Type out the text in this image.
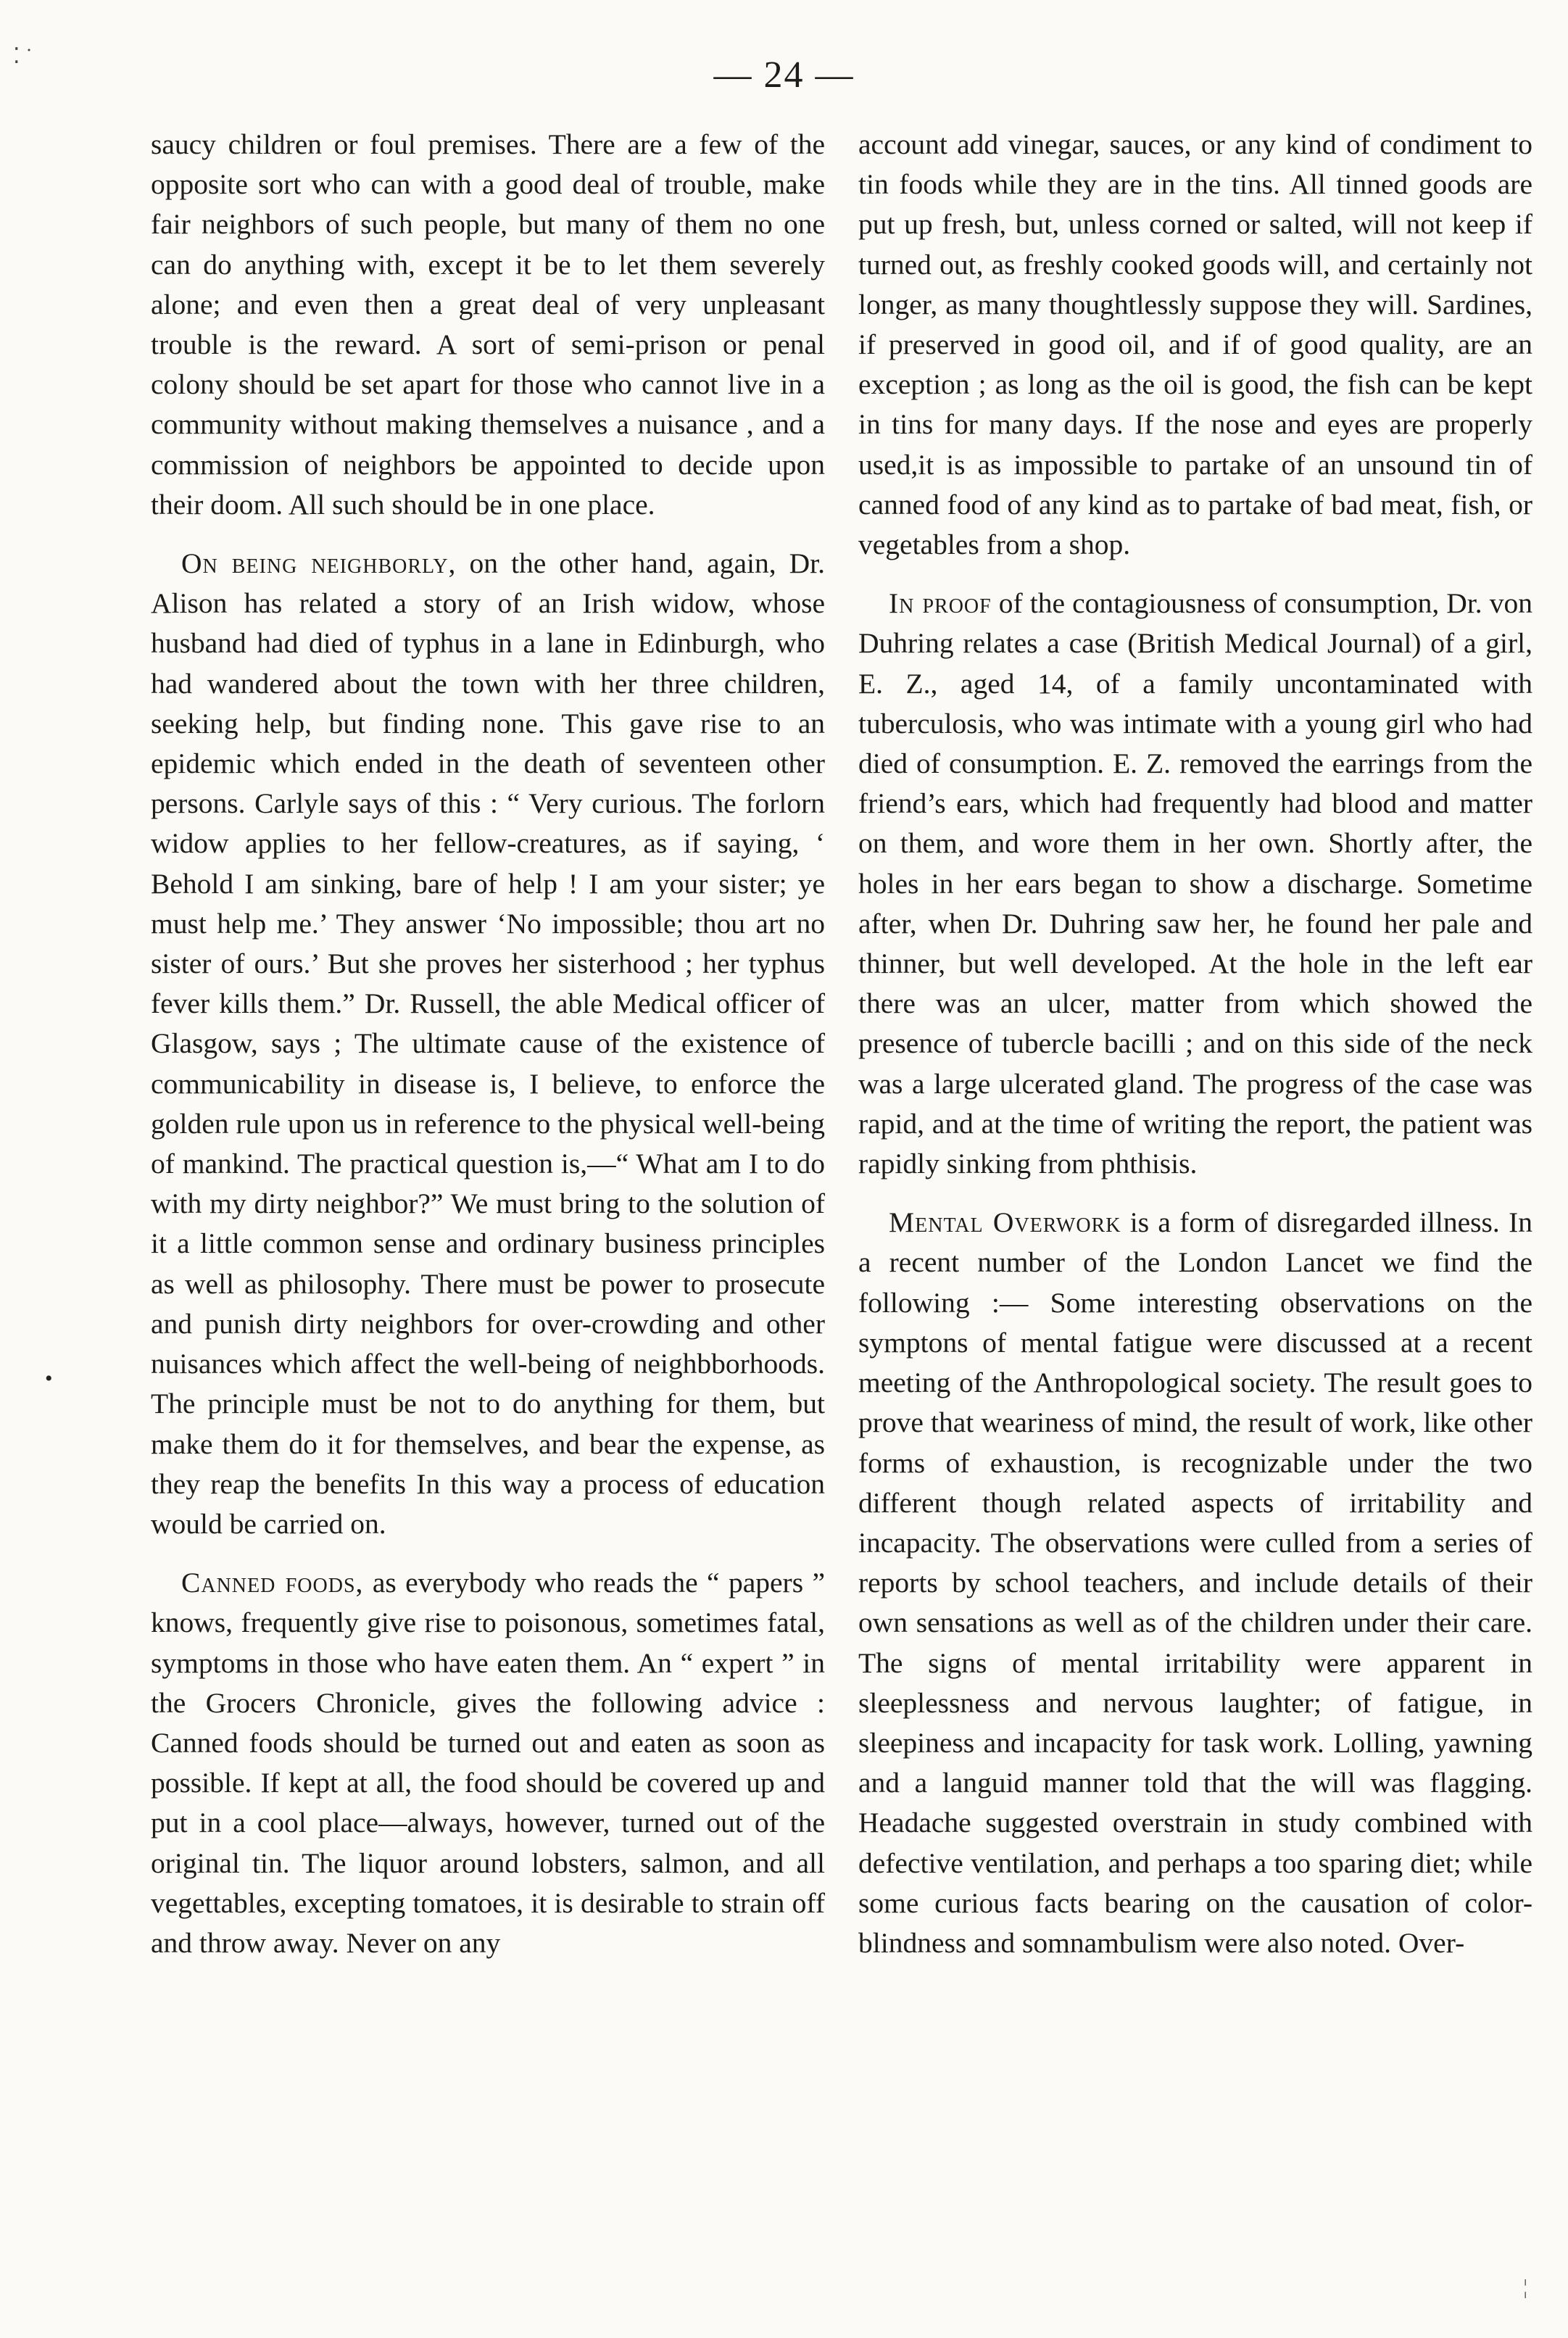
⁚ ˙	— 24 —

saucy children or foul premises. There are a few of the opposite sort who can with a good deal of trouble, make fair neighbors of such people, but many of them no one can do anything with, except it be to let them severely alone; and even then a great deal of very unpleasant trouble is the reward. A sort of semi-prison or penal colony should be set apart for those who cannot live in a community without making themselves a nuisance , and a commission of neighbors be appointed to decide upon their doom. All such should be in one place.

On being neighborly, on the other hand, again, Dr. Alison has related a story of an Irish widow, whose husband had died of typhus in a lane in Edinburgh, who had wandered about the town with her three children, seeking help, but finding none. This gave rise to an epidemic which ended in the death of seventeen other persons. Carlyle says of this : “ Very curious. The forlorn widow applies to her fellow-creatures, as if saying, ‘ Behold I am sinking, bare of help ! I am your sister; ye must help me.’ They answer ‘No impossible; thou art no sister of ours.’ But she proves her sisterhood ; her typhus fever kills them.” Dr. Russell, the able Medical officer of Glasgow, says ; The ultimate cause of the existence of communicability in disease is, I believe, to enforce the golden rule upon us in reference to the physical well-being of mankind. The practical question is,—“ What am I to do with my dirty neighbor?” We must bring to the solution of it a little common sense and ordinary business principles as well as philosophy. There must be power to prosecute and punish dirty neighbors for over-crowding and other nuisances which affect the well-being of neighbborhoods. The principle must be not to do anything for them, but make them do it for themselves, and bear the expense, as they reap the benefits In this way a process of education would be carried on.

Canned foods, as everybody who reads the “ papers ” knows, frequently give rise to poisonous, sometimes fatal, symptoms in those who have eaten them. An “ expert ” in the Grocers Chronicle, gives the following advice : Canned foods should be turned out and eaten as soon as possible. If kept at all, the food should be covered up and put in a cool place—always, however, turned out of the original tin. The liquor around lobsters, salmon, and all vegettables, excepting tomatoes, it is desirable to strain off and throw away. Never on any

account add vinegar, sauces, or any kind of condiment to tin foods while they are in the tins. All tinned goods are put up fresh, but, unless corned or salted, will not keep if turned out, as freshly cooked goods will, and certainly not longer, as many thoughtlessly suppose they will. Sardines, if preserved in good oil, and if of good quality, are an exception ; as long as the oil is good, the fish can be kept in tins for many days. If the nose and eyes are properly used,it is as impossible to partake of an unsound tin of canned food of any kind as to partake of bad meat, fish, or vegetables from a shop.

In proof of the contagiousness of consumption, Dr. von Duhring relates a case (British Medical Journal) of a girl, E. Z., aged 14, of a family uncontaminated with tuberculosis, who was intimate with a young girl who had died of consumption. E. Z. removed the earrings from the friend’s ears, which had frequently had blood and matter on them, and wore them in her own. Shortly after, the holes in her ears began to show a discharge. Sometime after, when Dr. Duhring saw her, he found her pale and thinner, but well developed. At the hole in the left ear there was an ulcer, matter from which showed the presence of tubercle bacilli ; and on this side of the neck was a large ulcerated gland. The progress of the case was rapid, and at the time of writing the report, the patient was rapidly sinking from phthisis.

Mental Overwork is a form of disregarded illness. In a recent number of the London Lancet we find the following :— Some interesting observations on the symptons of mental fatigue were discussed at a recent meeting of the Anthropological society. The result goes to prove that weariness of mind, the result of work, like other forms of exhaustion, is recognizable under the two different though related aspects of irritability and incapacity. The observations were culled from a series of reports by school teachers, and include details of their own sensations as well as of the children under their care. The signs of mental irritability were apparent in sleeplessness and nervous laughter; of fatigue, in sleepiness and incapacity for task work. Lolling, yawning and a languid manner told that the will was flagging. Headache suggested overstrain in study combined with defective ventilation, and perhaps a too sparing diet; while some curious facts bearing on the causation of color-blindness and somnambulism were also noted. Over-

•
¦
